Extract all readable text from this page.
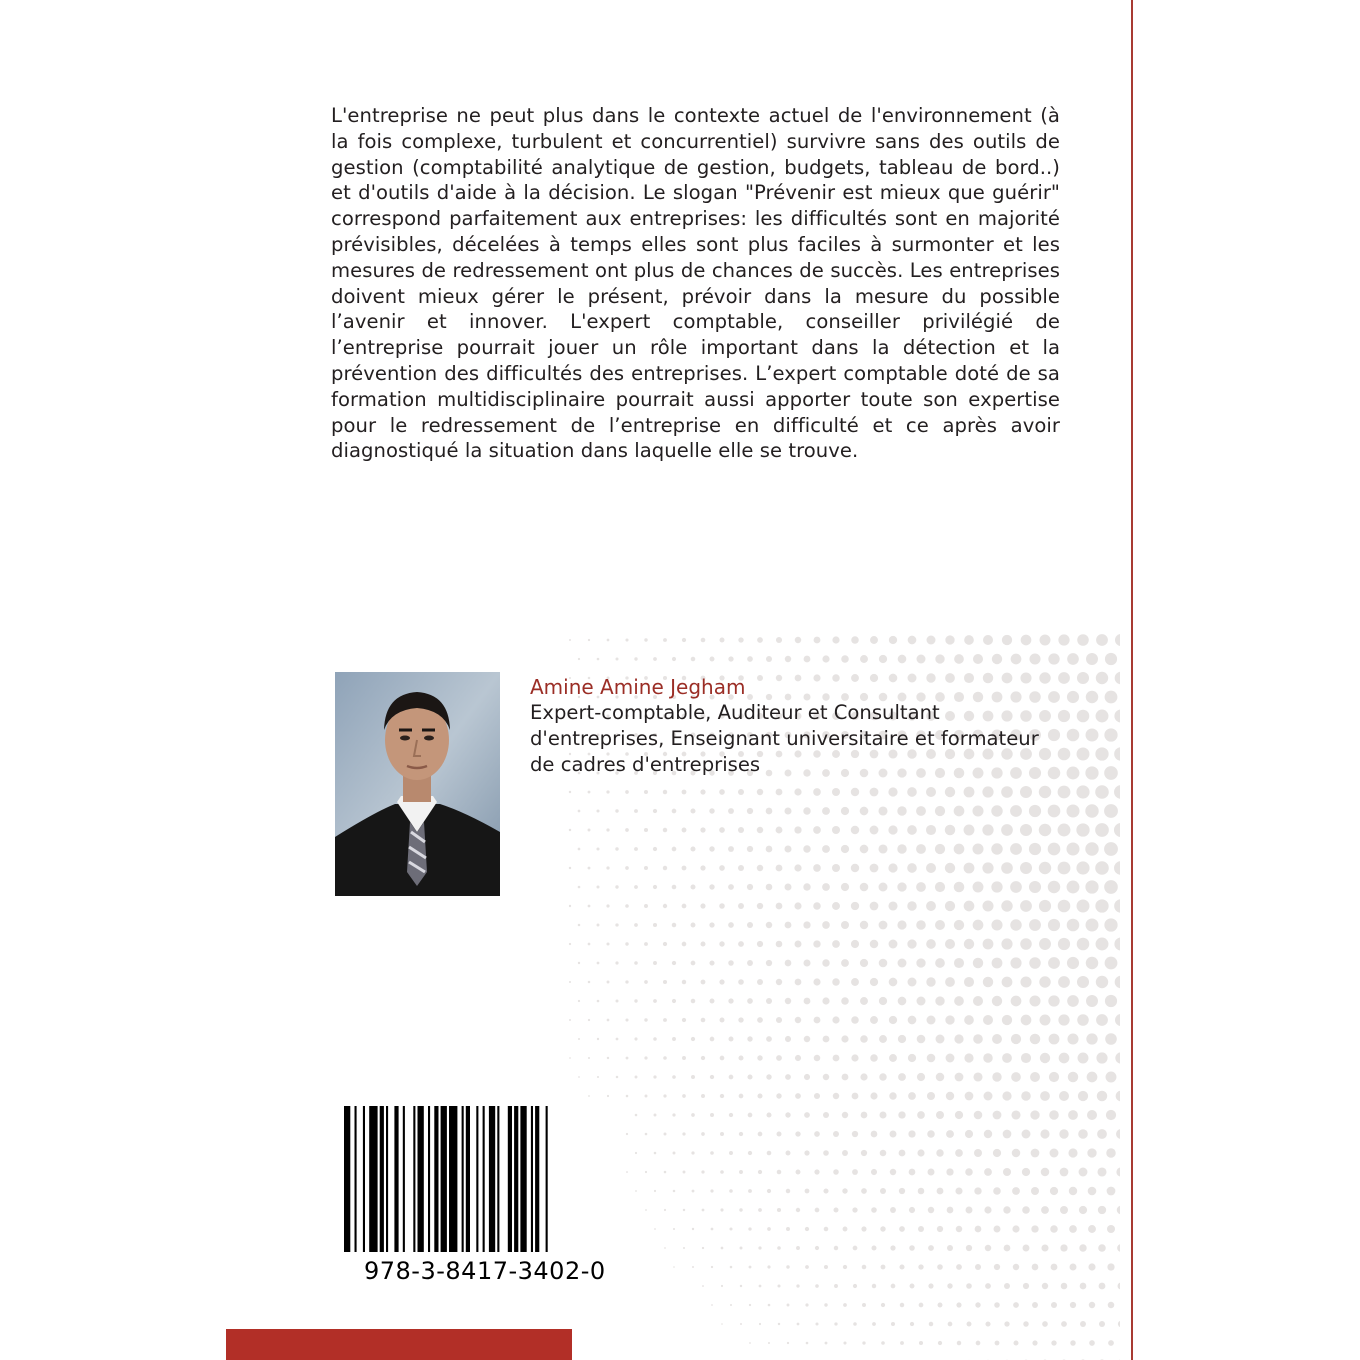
L'entreprise ne peut plus dans le contexte actuel de l'environnement (à la fois complexe, turbulent et concurrentiel) survivre sans des outils de gestion (comptabilité analytique de gestion, budgets, tableau de bord..) et d'outils d'aide à la décision. Le slogan "Prévenir est mieux que guérir" correspond parfaitement aux entreprises: les difficultés sont en majorité prévisibles, décelées à temps elles sont plus faciles à surmonter et les mesures de redressement ont plus de chances de succès. Les entreprises doivent mieux gérer le présent, prévoir dans la mesure du possible l’avenir et innover. L'expert comptable, conseiller privilégié de l’entreprise pourrait jouer un rôle important dans la détection et la prévention des difficultés des entreprises. L’expert comptable doté de sa formation multidisciplinaire pourrait aussi apporter toute son expertise pour le redressement de l’entreprise en difficulté et ce après avoir diagnostiqué la situation dans laquelle elle se trouve.

Amine Amine Jegham

Expert-comptable, Auditeur et Consultant d'entreprises, Enseignant universitaire et formateur de cadres d'entreprises

978-3-8417-3402-0
